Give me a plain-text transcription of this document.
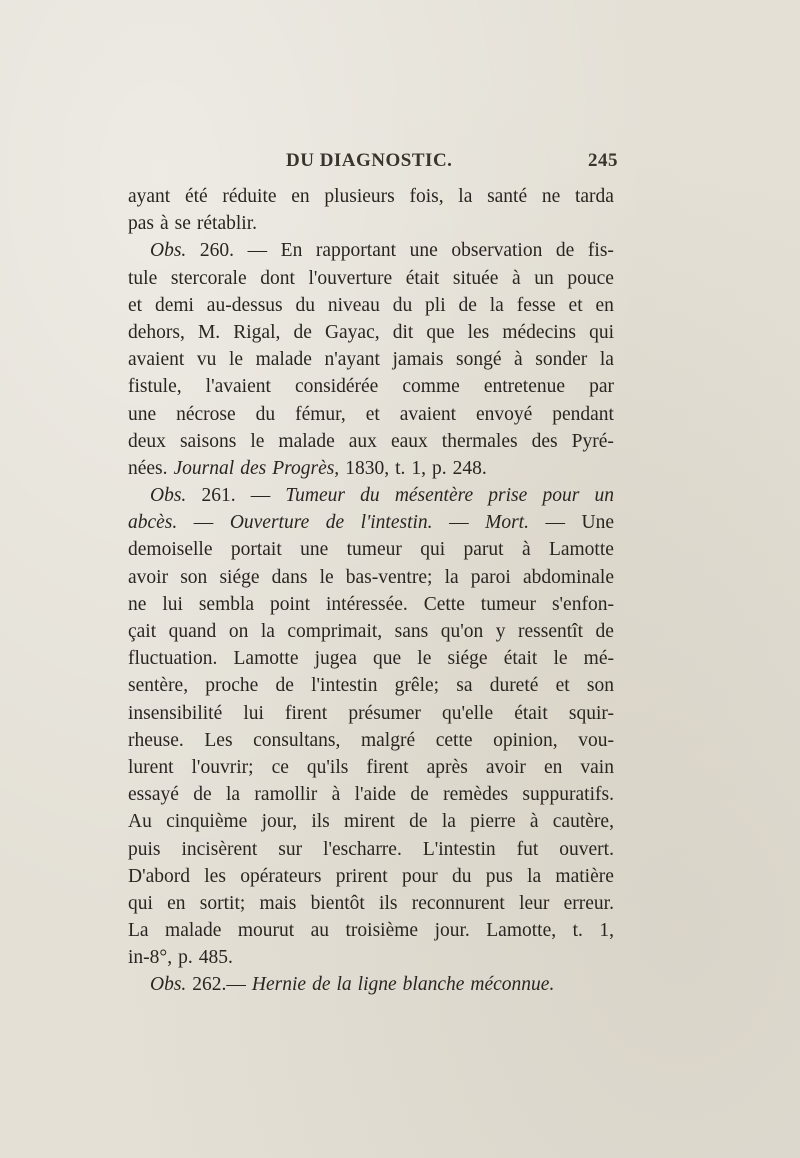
DU DIAGNOSTIC.	245
ayant été réduite en plusieurs fois, la santé ne tarda
pas à se rétablir.
Obs. 260. — En rapportant une observation de fis-
tule stercorale dont l'ouverture était située à un pouce
et demi au-dessus du niveau du pli de la fesse et en
dehors, M. Rigal, de Gayac, dit que les médecins qui
avaient vu le malade n'ayant jamais songé à sonder la
fistule, l'avaient considérée comme entretenue par
une nécrose du fémur, et avaient envoyé pendant
deux saisons le malade aux eaux thermales des Pyré-
nées. Journal des Progrès, 1830, t. 1, p. 248.
Obs. 261. — Tumeur du mésentère prise pour un
abcès. — Ouverture de l'intestin. — Mort. — Une
demoiselle portait une tumeur qui parut à Lamotte
avoir son siége dans le bas-ventre; la paroi abdominale
ne lui sembla point intéressée. Cette tumeur s'enfon-
çait quand on la comprimait, sans qu'on y ressentît de
fluctuation. Lamotte jugea que le siége était le mé-
sentère, proche de l'intestin grêle; sa dureté et son
insensibilité lui firent présumer qu'elle était squir-
rheuse. Les consultans, malgré cette opinion, vou-
lurent l'ouvrir; ce qu'ils firent après avoir en vain
essayé de la ramollir à l'aide de remèdes suppuratifs.
Au cinquième jour, ils mirent de la pierre à cautère,
puis incisèrent sur l'escharre. L'intestin fut ouvert.
D'abord les opérateurs prirent pour du pus la matière
qui en sortit; mais bientôt ils reconnurent leur erreur.
La malade mourut au troisième jour. Lamotte, t. 1,
in-8°, p. 485.
Obs. 262.— Hernie de la ligne blanche méconnue.
